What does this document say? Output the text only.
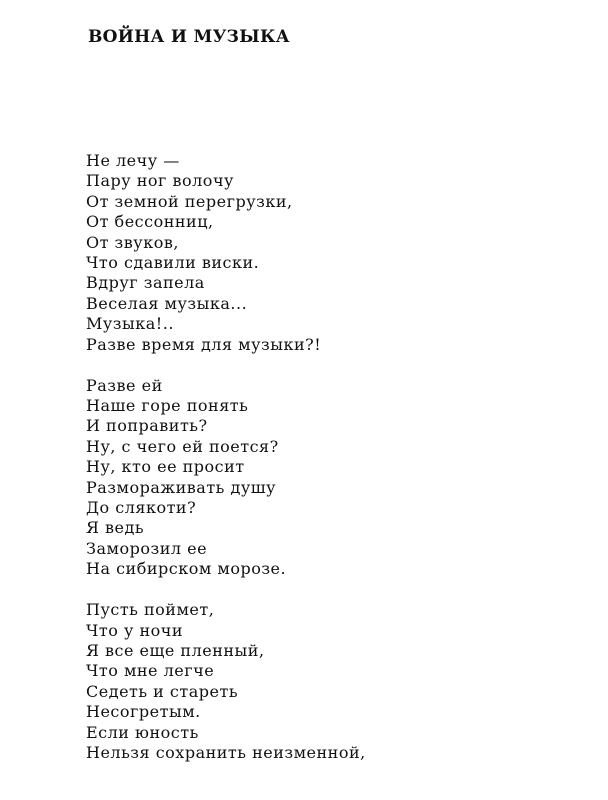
ВОЙНА И МУЗЫКА
Не лечу —
Пару ног волочу
От земной перегрузки,
От бессонниц,
От звуков,
Что сдавили виски.
Вдруг запела
Веселая музыка...
Музыка!..
Разве время для музыки?!
Разве ей
Наше горе понять
И поправить?
Ну, с чего ей поется?
Ну, кто ее просит
Размораживать душу
До слякоти?
Я ведь
Заморозил ее
На сибирском морозе.
Пусть поймет,
Что у ночи
Я все еще пленный,
Что мне легче
Седеть и стареть
Несогретым.
Если юность
Нельзя сохранить неизменной,
